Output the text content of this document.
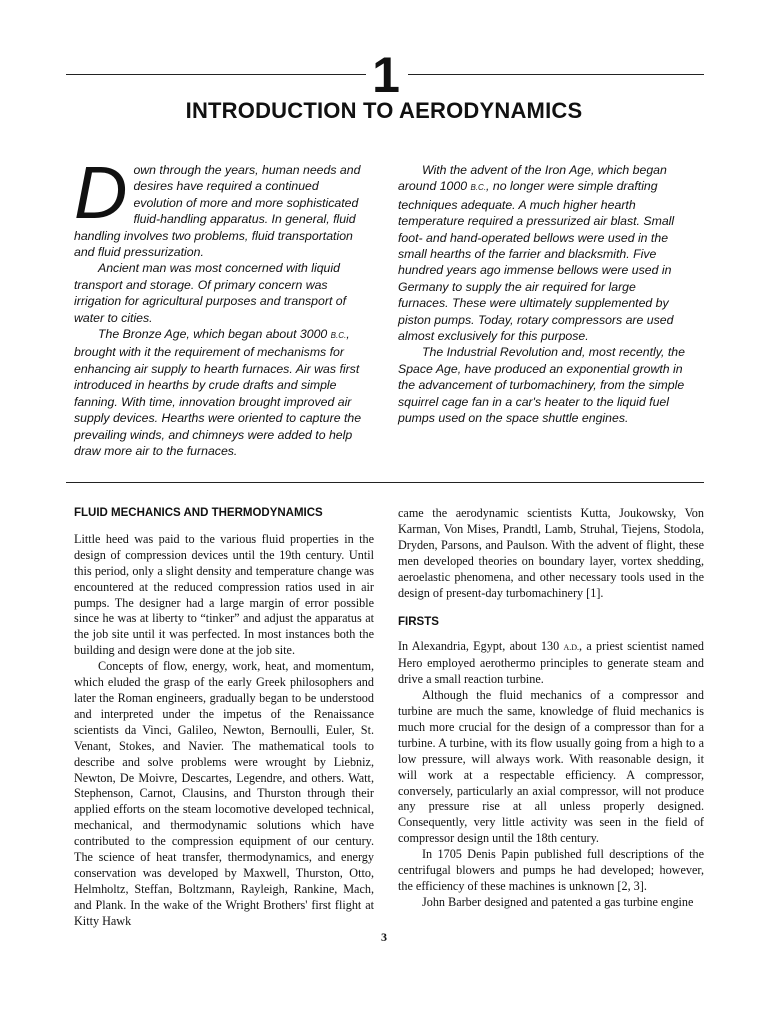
1
INTRODUCTION TO AERODYNAMICS

Down through the years, human needs and desires have required a continued evolution of more and more sophisticated fluid-handling apparatus. In general, fluid handling involves two problems, fluid transportation and fluid pressurization.

Ancient man was most concerned with liquid transport and storage. Of primary concern was irrigation for agricultural purposes and transport of water to cities.

The Bronze Age, which began about 3000 B.C., brought with it the requirement of mechanisms for enhancing air supply to hearth furnaces. Air was first introduced in hearths by crude drafts and simple fanning. With time, innovation brought improved air supply devices. Hearths were oriented to capture the prevailing winds, and chimneys were added to help draw more air to the furnaces.

With the advent of the Iron Age, which began around 1000 B.C., no longer were simple drafting techniques adequate. A much higher hearth temperature required a pressurized air blast. Small foot- and hand-operated bellows were used in the small hearths of the farrier and blacksmith. Five hundred years ago immense bellows were used in Germany to supply the air required for large furnaces. These were ultimately supplemented by piston pumps. Today, rotary compressors are used almost exclusively for this purpose.

The Industrial Revolution and, most recently, the Space Age, have produced an exponential growth in the advancement of turbomachinery, from the simple squirrel cage fan in a car's heater to the liquid fuel pumps used on the space shuttle engines.

FLUID MECHANICS AND THERMODYNAMICS

Little heed was paid to the various fluid properties in the design of compression devices until the 19th century. Until this period, only a slight density and temperature change was encountered at the reduced compression ratios used in air pumps. The designer had a large margin of error possible since he was at liberty to “tinker” and adjust the apparatus at the job site until it was perfected. In most instances both the building and design were done at the job site.

Concepts of flow, energy, work, heat, and momentum, which eluded the grasp of the early Greek philosophers and later the Roman engineers, gradually began to be understood and interpreted under the impetus of the Renaissance scientists da Vinci, Galileo, Newton, Bernoulli, Euler, St. Venant, Stokes, and Navier. The mathematical tools to describe and solve problems were wrought by Liebniz, Newton, De Moivre, Descartes, Legendre, and others. Watt, Stephenson, Carnot, Clausins, and Thurston through their applied efforts on the steam locomotive developed technical, mechanical, and thermodynamic solutions which have contributed to the compression equipment of our century. The science of heat transfer, thermodynamics, and energy conservation was developed by Maxwell, Thurston, Otto, Helmholtz, Steffan, Boltzmann, Rayleigh, Rankine, Mach, and Plank. In the wake of the Wright Brothers' first flight at Kitty Hawk

came the aerodynamic scientists Kutta, Joukowsky, Von Karman, Von Mises, Prandtl, Lamb, Struhal, Tiejens, Stodola, Dryden, Parsons, and Paulson. With the advent of flight, these men developed theories on boundary layer, vortex shedding, aeroelastic phenomena, and other necessary tools used in the design of present-day turbomachinery [1].

FIRSTS

In Alexandria, Egypt, about 130 A.D., a priest scientist named Hero employed aerothermo principles to generate steam and drive a small reaction turbine.

Although the fluid mechanics of a compressor and turbine are much the same, knowledge of fluid mechanics is much more crucial for the design of a compressor than for a turbine. A turbine, with its flow usually going from a high to a low pressure, will always work. With reasonable design, it will work at a respectable efficiency. A compressor, conversely, particularly an axial compressor, will not produce any pressure rise at all unless properly designed. Consequently, very little activity was seen in the field of compressor design until the 18th century.

In 1705 Denis Papin published full descriptions of the centrifugal blowers and pumps he had developed; however, the efficiency of these machines is unknown [2, 3].

John Barber designed and patented a gas turbine engine

3
